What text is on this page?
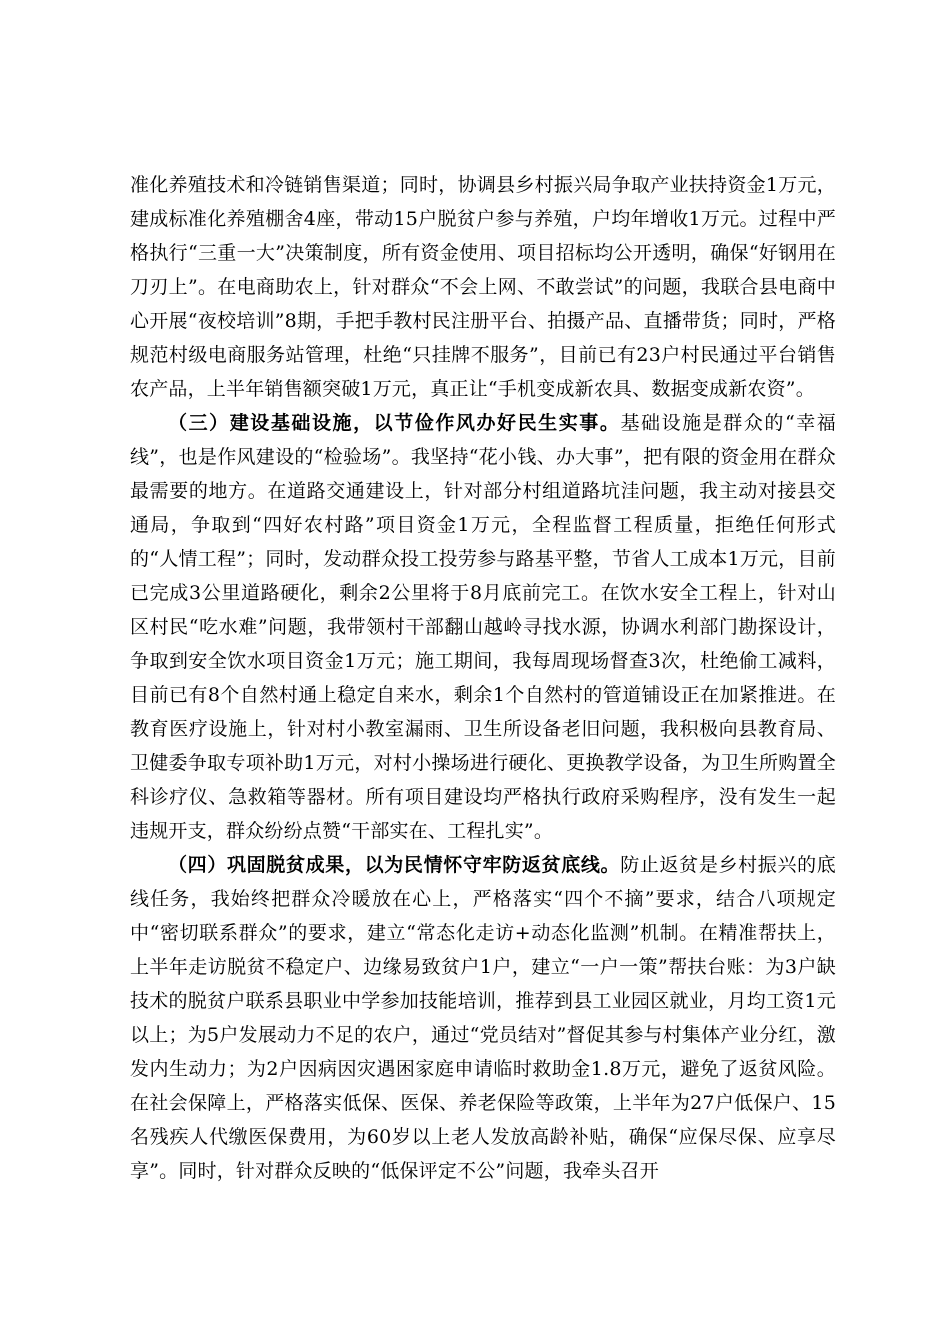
准化养殖技术和冷链销售渠道；同时，协调县乡村振兴局争取产业扶持资金1万元，建成标准化养殖棚舍4座，带动15户脱贫户参与养殖，户均年增收1万元。过程中严格执行“三重一大”决策制度，所有资金使用、项目招标均公开透明，确保“好钢用在刀刃上”。在电商助农上，针对群众“不会上网、不敢尝试”的问题，我联合县电商中心开展“夜校培训”8期，手把手教村民注册平台、拍摄产品、直播带货；同时，严格规范村级电商服务站管理，杜绝“只挂牌不服务”，目前已有23户村民通过平台销售农产品，上半年销售额突破1万元，真正让“手机变成新农具、数据变成新农资”。

（三）建设基础设施，以节俭作风办好民生实事。基础设施是群众的“幸福线”，也是作风建设的“检验场”。我坚持“花小钱、办大事”，把有限的资金用在群众最需要的地方。在道路交通建设上，针对部分村组道路坑洼问题，我主动对接县交通局，争取到“四好农村路”项目资金1万元，全程监督工程质量，拒绝任何形式的“人情工程”；同时，发动群众投工投劳参与路基平整，节省人工成本1万元，目前已完成3公里道路硬化，剩余2公里将于8月底前完工。在饮水安全工程上，针对山区村民“吃水难”问题，我带领村干部翻山越岭寻找水源，协调水利部门勘探设计，争取到安全饮水项目资金1万元；施工期间，我每周现场督查3次，杜绝偷工减料，目前已有8个自然村通上稳定自来水，剩余1个自然村的管道铺设正在加紧推进。在教育医疗设施上，针对村小教室漏雨、卫生所设备老旧问题，我积极向县教育局、卫健委争取专项补助1万元，对村小操场进行硬化、更换教学设备，为卫生所购置全科诊疗仪、急救箱等器材。所有项目建设均严格执行政府采购程序，没有发生一起违规开支，群众纷纷点赞“干部实在、工程扎实”。

（四）巩固脱贫成果，以为民情怀守牢防返贫底线。防止返贫是乡村振兴的底线任务，我始终把群众冷暖放在心上，严格落实“四个不摘”要求，结合八项规定中“密切联系群众”的要求，建立“常态化走访+动态化监测”机制。在精准帮扶上，上半年走访脱贫不稳定户、边缘易致贫户1户，建立“一户一策”帮扶台账：为3户缺技术的脱贫户联系县职业中学参加技能培训，推荐到县工业园区就业，月均工资1元以上；为5户发展动力不足的农户，通过“党员结对”督促其参与村集体产业分红，激发内生动力；为2户因病因灾遇困家庭申请临时救助金1.8万元，避免了返贫风险。在社会保障上，严格落实低保、医保、养老保险等政策，上半年为27户低保户、15名残疾人代缴医保费用，为60岁以上老人发放高龄补贴，确保“应保尽保、应享尽享”。同时，针对群众反映的“低保评定不公”问题，我牵头召开
